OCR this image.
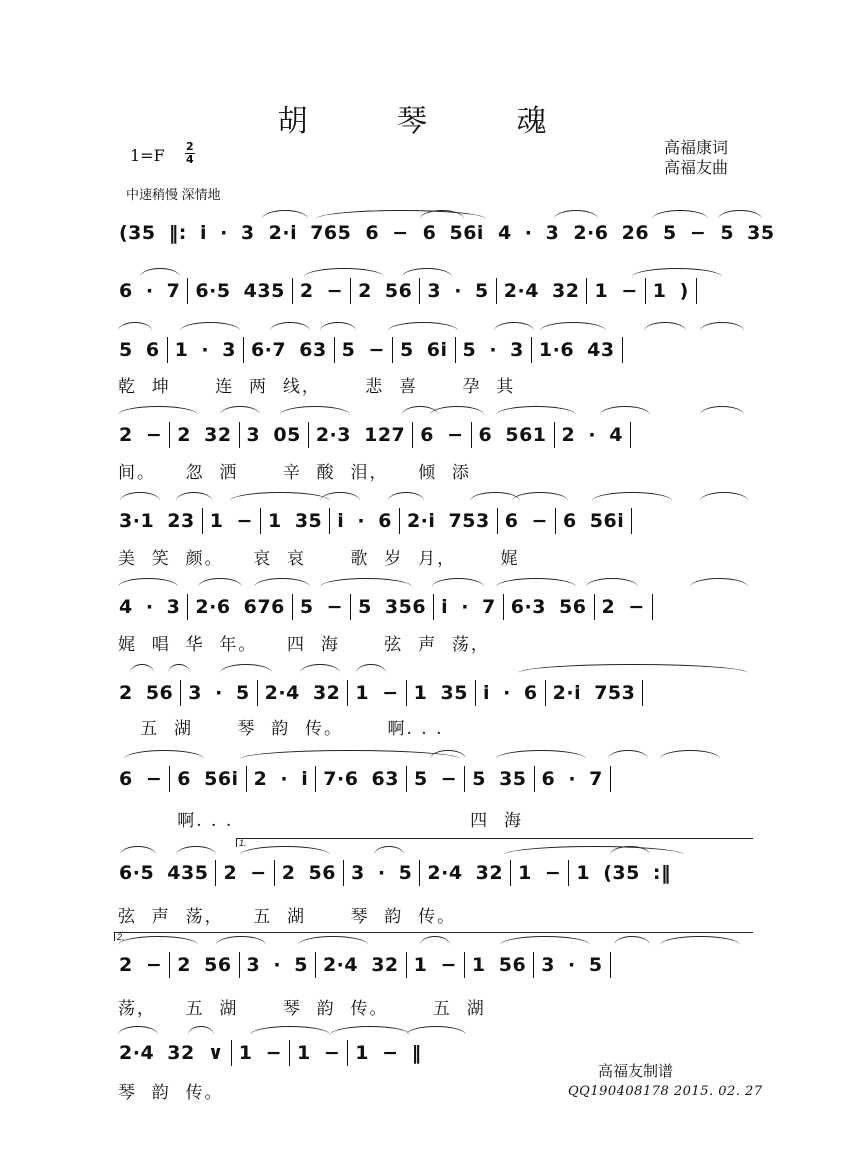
胡 琴 魂
高福康词
高福友曲
1=F 2
4
中速稍慢 深情地
(35 ‖: i · 3 2·i 765 6 − 6 56i 4 · 3 2·6 26 5 − 5 35
6 · 7 6·5 435 2 − 2 56 3 · 5 2·4 32 1 − 1 )
5 6 1 · 3 6·7 63 5 − 5 6i 5 · 3 1·6 43
乾  坤      连  两  线，      悲  喜      孕  其
2 − 2 32 3 05 2·3 127 6 − 6 561 2 · 4
间。    忽  洒      辛  酸  泪，    倾  添
3·1 23 1 − 1 35 i · 6 2·i 753 6 − 6 56i
美  笑  颜。    哀  哀      歌  岁  月，      娓
4 · 3 2·6 676 5 − 5 356 i · 7 6·3 56 2 −
娓  唱  华  年。    四  海      弦  声  荡，
2 56 3 · 5 2·4 32 1 − 1 35 i · 6 2·i 753
五  湖      琴  韵  传。      啊. . .
6 − 6 56i 2 · i 7·6 63 5 − 5 35 6 · 7
啊. . .                                四  海
6·5 435 2 − 2 56 3 · 5 2·4 32 1 − 1 (35 :‖
弦  声  荡，    五  湖      琴  韵  传。
2 − 2 56 3 · 5 2·4 32 1 − 1 56 3 · 5
荡，    五  湖      琴  韵  传。      五  湖
2·4 32 ∨ 1 − 1 − 1 − ‖
琴  韵  传。
1.
2.
高福友制谱
QQ190408178 2015. 02. 27
